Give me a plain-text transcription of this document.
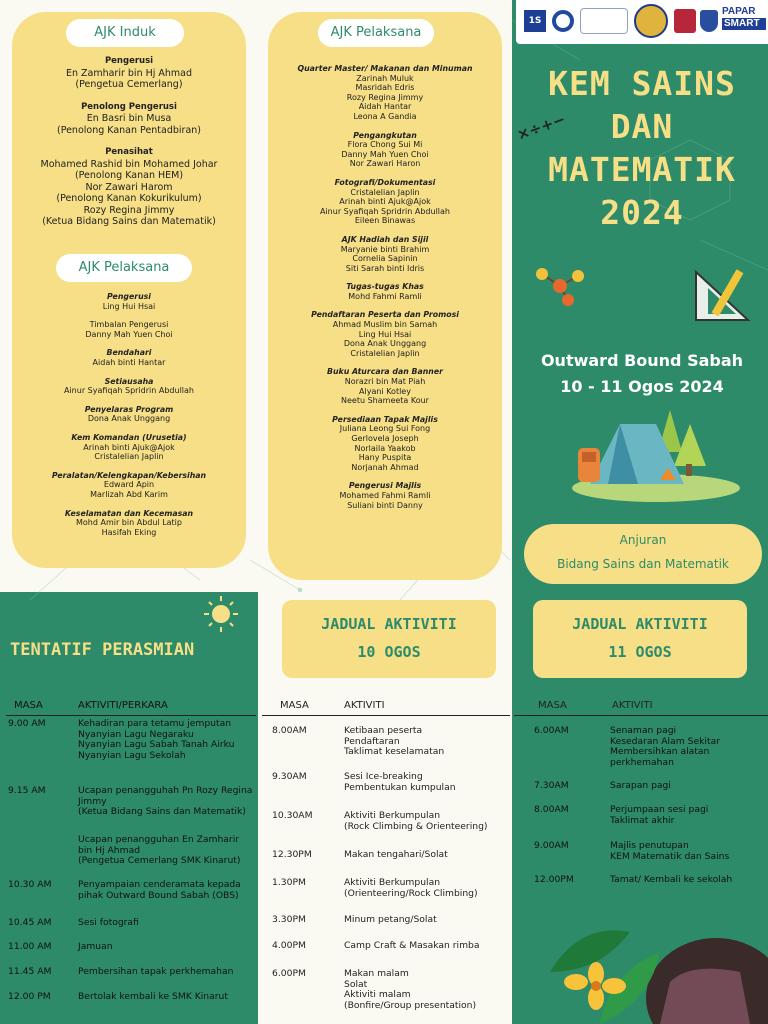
AJK Induk
Pengerusi
En Zamharir bin Hj Ahmad
(Pengetua Cemerlang)
Penolong Pengerusi
En Basri bin Musa
(Penolong Kanan Pentadbiran)
Penasihat
Mohamed Rashid bin Mohamed Johar
(Penolong Kanan HEM)
Nor Zawari Harom
(Penolong Kanan Kokurikulum)
Rozy Regina Jimmy
(Ketua Bidang Sains dan Matematik)
AJK Pelaksana
Pengerusi
Ling Hui Hsai
Timbalan Pengerusi
Danny Mah Yuen Choi
Bendahari
Aidah binti Hantar
Setiausaha
Ainur Syafiqah Spridrin Abdullah
Penyelaras Program
Dona Anak Unggang
Kem Komandan (Urusetia)
Arinah binti Ajuk@Ajok
Cristalelian Japlin
Peralatan/Kelengkapan/Kebersihan
Edward Apin
Marlizah Abd Karim
Keselamatan dan Kecemasan
Mohd Amir bin Abdul Latip
Hasifah Eking
AJK Pelaksana
Quarter Master/ Makanan dan Minuman
Zarinah Muluk
Masridah Edris
Rozy Regina Jimmy
Aidah Hantar
Leona A Gandia
Pengangkutan
Flora Chong Sui Mi
Danny Mah Yuen Choi
Nor Zawari Haron
Fotografi/Dokumentasi
Cristalelian Japlin
Arinah binti Ajuk@Ajok
Ainur Syafiqah Spridrin Abdullah
Eileen Binawas
AJK Hadiah dan Sijil
Maryanie binti Brahim
Cornelia Sapinin
Siti Sarah binti Idris
Tugas-tugas Khas
Mohd Fahmi Ramli
Pendaftaran Peserta dan Promosi
Ahmad Muslim bin Samah
Ling Hui Hsai
Dona Anak Unggang
Cristalelian Japlin
Buku Aturcara dan Banner
Norazri bin Mat Piah
Alyani Kotley
Neetu Shameeta Kour
Persediaan Tapak Majlis
Juliana Leong Sui Fong
Gerlovela Joseph
Norlaila Yaakob
Hany Puspita
Norjanah Ahmad
Pengerusi Majlis
Mohamed Fahmi Ramli
Suliani binti Danny
1S
PAPAR
SMART
KEM SAINS
DAN
MATEMATIK
2024
×÷+−
Outward Bound Sabah
10 - 11 Ogos 2024
Anjuran
Bidang Sains dan Matematik
TENTATIF PERASMIAN
MASA	AKTIVITI/PERKARA
9.00 AM	Kehadiran para tetamu jemputan
Nyanyian Lagu Negaraku
Nyanyian Lagu Sabah Tanah Airku
Nyanyian Lagu Sekolah
9.15 AM	Ucapan penangguhah Pn Rozy Regina
Jimmy
(Ketua Bidang Sains dan Matematik)
Ucapan penangguhan En Zamharir
bin Hj Ahmad
(Pengetua Cemerlang SMK Kinarut)
10.30 AM	Penyampaian cenderamata kepada
pihak Outward Bound Sabah (OBS)
10.45 AM	Sesi fotografi
11.00 AM	Jamuan
11.45 AM	Pembersihan tapak perkhemahan
12.00 PM	Bertolak kembali ke SMK Kinarut
JADUAL AKTIVITI
10 OGOS
MASA	AKTIVITI
8.00AM	Ketibaan peserta
Pendaftaran
Taklimat keselamatan
9.30AM	Sesi Ice-breaking
Pembentukan kumpulan
10.30AM	Aktiviti Berkumpulan
(Rock Climbing & Orienteering)
12.30PM	Makan tengahari/Solat
1.30PM	Aktiviti Berkumpulan
(Orienteering/Rock Climbing)
3.30PM	Minum petang/Solat
4.00PM	Camp Craft & Masakan rimba
6.00PM	Makan malam
Solat
Aktiviti malam
(Bonfire/Group presentation)
JADUAL AKTIVITI
11 OGOS
MASA	AKTIVITI
6.00AM	Senaman pagi
Kesedaran Alam Sekitar
Membersihkan alatan
perkhemahan
7.30AM	Sarapan pagi
8.00AM	Perjumpaan sesi pagi
Taklimat akhir
9.00AM	Majlis penutupan
KEM Matematik dan Sains
12.00PM	Tamat/ Kembali ke sekolah
